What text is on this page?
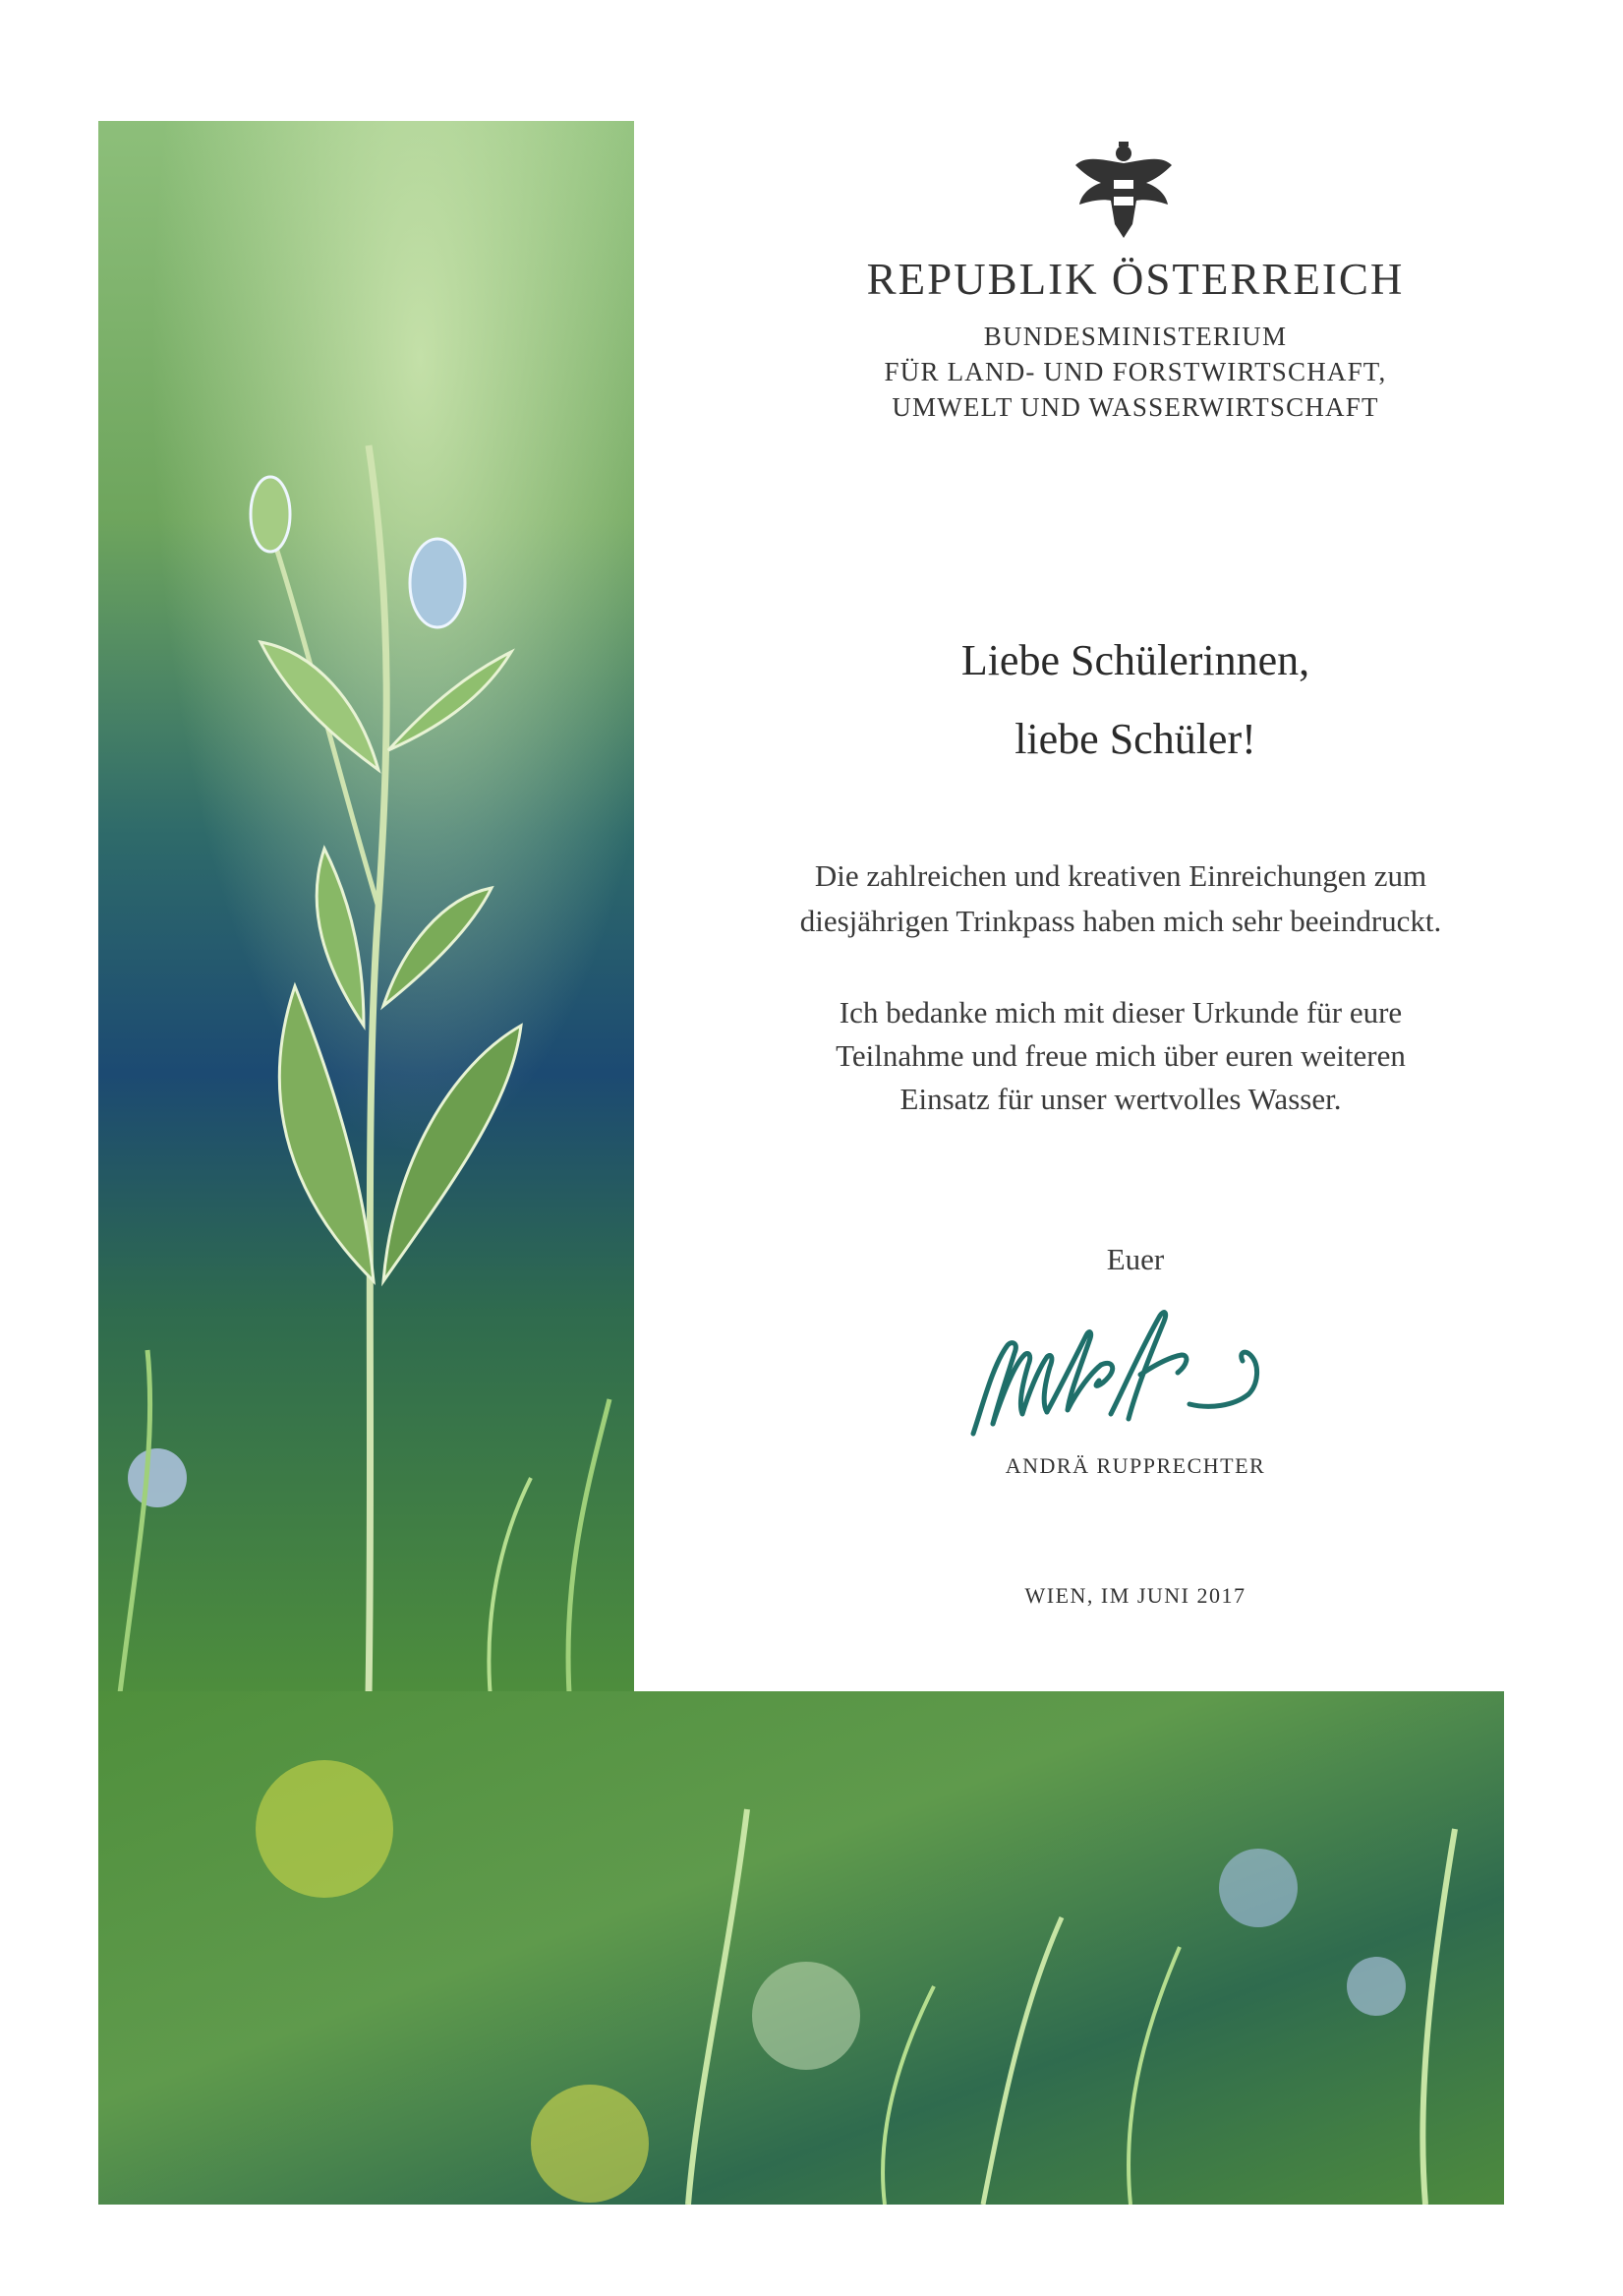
REPUBLIK ÖSTERREICH
BUNDESMINISTERIUM
FÜR LAND- UND FORSTWIRTSCHAFT,
UMWELT UND WASSERWIRTSCHAFT
Liebe Schülerinnen,
liebe Schüler!
Die zahlreichen und kreativen Einreichungen zum
diesjährigen Trinkpass haben mich sehr beeindruckt.
Ich bedanke mich mit dieser Urkunde für eure
Teilnahme und freue mich über euren weiteren
Einsatz für unser wertvolles Wasser.
Euer
ANDRÄ RUPPRECHTER
WIEN, IM JUNI 2017
